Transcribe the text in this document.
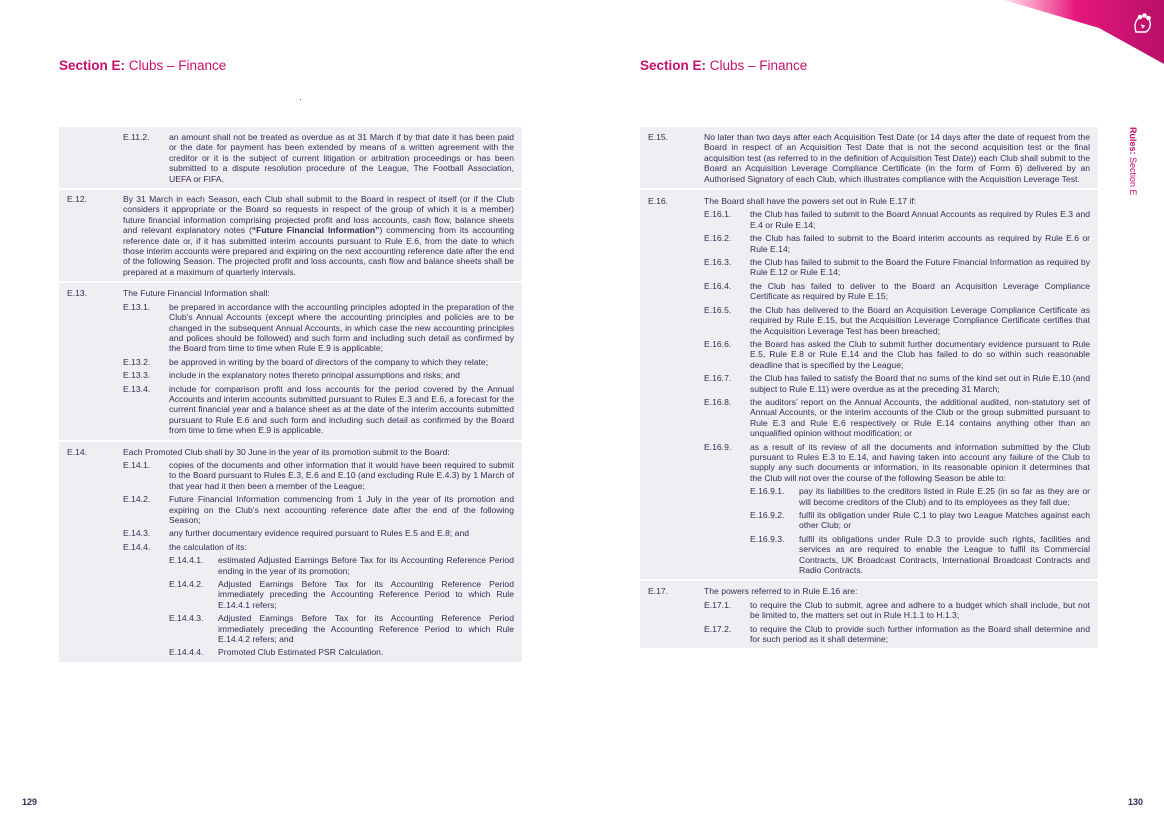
Section E: Clubs – Finance
E.11.2.	an amount shall not be treated as overdue as at 31 March if by that date it has been paid or the date for payment has been extended by means of a written agreement with the creditor or it is the subject of current litigation or arbitration proceedings or has been submitted to a dispute resolution procedure of the League, The Football Association, UEFA or FIFA.
E.12.	By 31 March in each Season, each Club shall submit to the Board in respect of itself (or if the Club considers it appropriate or the Board so requests in respect of the group of which it is a member) future financial information comprising projected profit and loss accounts, cash flow, balance sheets and relevant explanatory notes (“Future Financial Information”) commencing from its accounting reference date or, if it has submitted interim accounts pursuant to Rule E.6, from the date to which those interim accounts were prepared and expiring on the next accounting reference date after the end of the following Season. The projected profit and loss accounts, cash flow and balance sheets shall be prepared at a maximum of quarterly intervals.
E.13.	The Future Financial Information shall:
E.13.1.	be prepared in accordance with the accounting principles adopted in the preparation of the Club’s Annual Accounts (except where the accounting principles and policies are to be changed in the subsequent Annual Accounts, in which case the new accounting principles and polices should be followed) and such form and including such detail as confirmed by the Board from time to time when Rule E.9 is applicable;
E.13.2.	be approved in writing by the board of directors of the company to which they relate;
E.13.3.	include in the explanatory notes thereto principal assumptions and risks; and
E.13.4.	include for comparison profit and loss accounts for the period covered by the Annual Accounts and interim accounts submitted pursuant to Rules E.3 and E.6, a forecast for the current financial year and a balance sheet as at the date of the interim accounts submitted pursuant to Rule E.6 and such form and including such detail as confirmed by the Board from time to time when E.9 is applicable.
E.14.	Each Promoted Club shall by 30 June in the year of its promotion submit to the Board:
E.14.1.	copies of the documents and other information that it would have been required to submit to the Board pursuant to Rules E.3, E.6 and E.10 (and excluding Rule E.4.3) by 1 March of that year had it then been a member of the League;
E.14.2.	Future Financial Information commencing from 1 July in the year of its promotion and expiring on the Club’s next accounting reference date after the end of the following Season;
E.14.3.	any further documentary evidence required pursuant to Rules E.5 and E.8; and
E.14.4.	the calculation of its:
E.14.4.1.	estimated Adjusted Earnings Before Tax for its Accounting Reference Period ending in the year of its promotion;
E.14.4.2.	Adjusted Earnings Before Tax for its Accounting Reference Period immediately preceding the Accounting Reference Period to which Rule E.14.4.1 refers;
E.14.4.3.	Adjusted Earnings Before Tax for its Accounting Reference Period immediately preceding the Accounting Reference Period to which Rule E.14.4.2 refers; and
E.14.4.4.	Promoted Club Estimated PSR Calculation.
129
Section E: Clubs – Finance
E.15.	No later than two days after each Acquisition Test Date (or 14 days after the date of request from the Board in respect of an Acquisition Test Date that is not the second acquisition test or the final acquisition test (as referred to in the definition of Acquisition Test Date)) each Club shall submit to the Board an Acquisition Leverage Compliance Certificate (in the form of Form 6) delivered by an Authorised Signatory of each Club, which illustrates compliance with the Acquisition Leverage Test.
E.16.	The Board shall have the powers set out in Rule E.17 if:
E.16.1.	the Club has failed to submit to the Board Annual Accounts as required by Rules E.3 and E.4 or Rule E.14;
E.16.2.	the Club has failed to submit to the Board interim accounts as required by Rule E.6 or Rule E.14;
E.16.3.	the Club has failed to submit to the Board the Future Financial Information as required by Rule E.12 or Rule E.14;
E.16.4.	the Club has failed to deliver to the Board an Acquisition Leverage Compliance Certificate as required by Rule E.15;
E.16.5.	the Club has delivered to the Board an Acquisition Leverage Compliance Certificate as required by Rule E.15, but the Acquisition Leverage Compliance Certificate certifies that the Acquisition Leverage Test has been breached;
E.16.6.	the Board has asked the Club to submit further documentary evidence pursuant to Rule E.5, Rule E.8 or Rule E.14 and the Club has failed to do so within such reasonable deadline that is specified by the League;
E.16.7.	the Club has failed to satisfy the Board that no sums of the kind set out in Rule E.10 (and subject to Rule E.11) were overdue as at the preceding 31 March;
E.16.8.	the auditors’ report on the Annual Accounts, the additional audited, non-statutory set of Annual Accounts, or the interim accounts of the Club or the group submitted pursuant to Rule E.3 and Rule E.6 respectively or Rule E.14 contains anything other than an unqualified opinion without modification; or
E.16.9.	as a result of its review of all the documents and information submitted by the Club pursuant to Rules E.3 to E.14, and having taken into account any failure of the Club to supply any such documents or information, in its reasonable opinion it determines that the Club will not over the course of the following Season be able to:
E.16.9.1.	pay its liabilities to the creditors listed in Rule E.25 (in so far as they are or will become creditors of the Club) and to its employees as they fall due;
E.16.9.2.	fulfil its obligation under Rule C.1 to play two League Matches against each other Club; or
E.16.9.3.	fulfil its obligations under Rule D.3 to provide such rights, facilities and services as are required to enable the League to fulfil its Commercial Contracts, UK Broadcast Contracts, International Broadcast Contracts and Radio Contracts.
E.17.	The powers referred to in Rule E.16 are:
E.17.1.	to require the Club to submit, agree and adhere to a budget which shall include, but not be limited to, the matters set out in Rule H.1.1 to H.1.3;
E.17.2.	to require the Club to provide such further information as the Board shall determine and for such period as it shall determine;
Rules: Section E
130
